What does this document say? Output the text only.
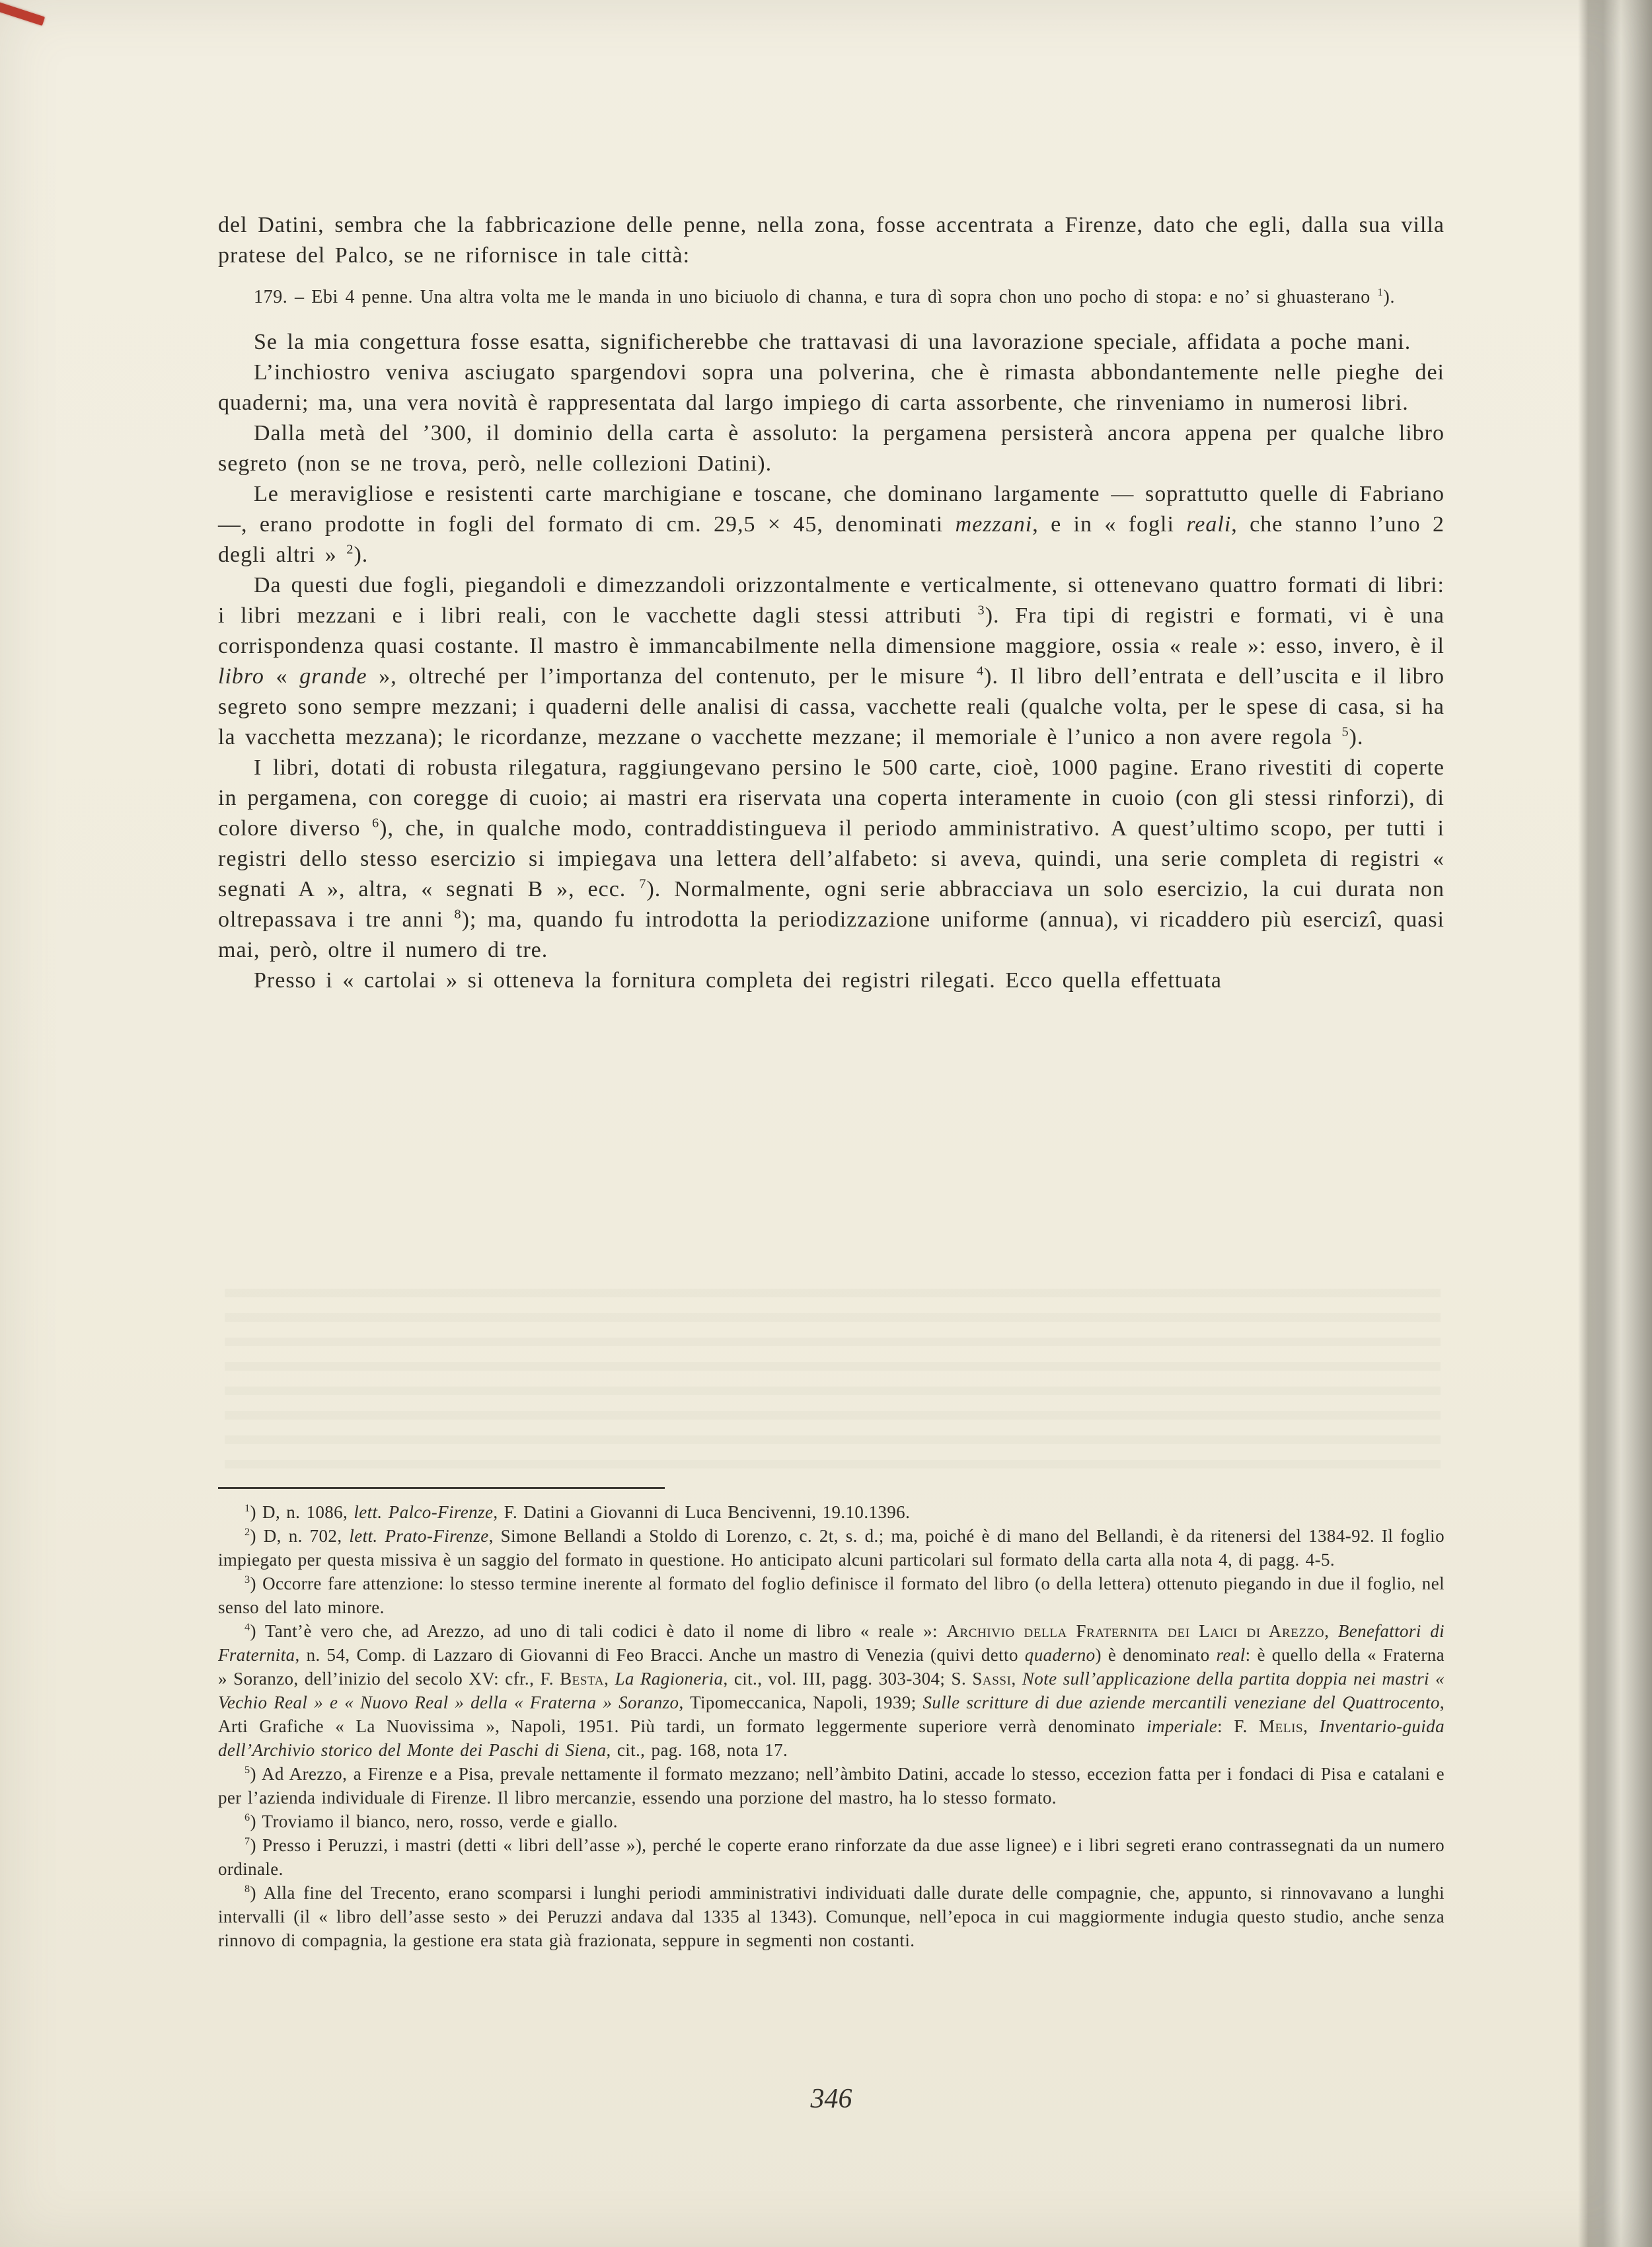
del Datini, sembra che la fabbricazione delle penne, nella zona, fosse accentrata a Firenze, dato che egli, dalla sua villa pratese del Palco, se ne rifornisce in tale città:

179. – Ebi 4 penne. Una altra volta me le manda in uno biciuolo di channa, e tura dì sopra chon uno pocho di stopa: e no’ si ghuasterano $^1$).

Se la mia congettura fosse esatta, significherebbe che trattavasi di una lavorazione speciale, affidata a poche mani.

L’inchiostro veniva asciugato spargendovi sopra una polverina, che è rimasta abbondantemente nelle pieghe dei quaderni; ma, una vera novità è rappresentata dal largo impiego di carta assorbente, che rinveniamo in numerosi libri.

Dalla metà del ’300, il dominio della carta è assoluto: la pergamena persisterà ancora appena per qualche libro segreto (non se ne trova, però, nelle collezioni Datini).

Le meravigliose e resistenti carte marchigiane e toscane, che dominano largamente — soprattutto quelle di Fabriano —, erano prodotte in fogli del formato di cm. 29,5 × 45, denominati mezzani, e in « fogli reali, che stanno l’uno 2 degli altri » $^2$).

Da questi due fogli, piegandoli e dimezzandoli orizzontalmente e verticalmente, si ottenevano quattro formati di libri: i libri mezzani e i libri reali, con le vacchette dagli stessi attributi $^3$). Fra tipi di registri e formati, vi è una corrispondenza quasi costante. Il mastro è immancabilmente nella dimensione maggiore, ossia « reale »: esso, invero, è il libro « grande », oltreché per l’importanza del contenuto, per le misure $^4$). Il libro dell’entrata e dell’uscita e il libro segreto sono sempre mezzani; i quaderni delle analisi di cassa, vacchette reali (qualche volta, per le spese di casa, si ha la vacchetta mezzana); le ricordanze, mezzane o vacchette mezzane; il memoriale è l’unico a non avere regola $^5$).

I libri, dotati di robusta rilegatura, raggiungevano persino le 500 carte, cioè, 1000 pagine. Erano rivestiti di coperte in pergamena, con coregge di cuoio; ai mastri era riservata una coperta interamente in cuoio (con gli stessi rinforzi), di colore diverso $^6$), che, in qualche modo, contraddistingueva il periodo amministrativo. A quest’ultimo scopo, per tutti i registri dello stesso esercizio si impiegava una lettera dell’alfabeto: si aveva, quindi, una serie completa di registri « segnati A », altra, « segnati B », ecc. $^7$). Normalmente, ogni serie abbracciava un solo esercizio, la cui durata non oltrepassava i tre anni $^8$); ma, quando fu introdotta la periodizzazione uniforme (annua), vi ricaddero più esercizî, quasi mai, però, oltre il numero di tre.

Presso i « cartolai » si otteneva la fornitura completa dei registri rilegati. Ecco quella effettuata

$^1$) D, n. 1086, lett. Palco-Firenze, F. Datini a Giovanni di Luca Bencivenni, 19.10.1396.

$^2$) D, n. 702, lett. Prato-Firenze, Simone Bellandi a Stoldo di Lorenzo, c. 2t, s. d.; ma, poiché è di mano del Bellandi, è da ritenersi del 1384-92. Il foglio impiegato per questa missiva è un saggio del formato in questione. Ho anticipato alcuni particolari sul formato della carta alla nota 4, di pagg. 4-5.

$^3$) Occorre fare attenzione: lo stesso termine inerente al formato del foglio definisce il formato del libro (o della lettera) ottenuto piegando in due il foglio, nel senso del lato minore.

$^4$) Tant’è vero che, ad Arezzo, ad uno di tali codici è dato il nome di libro « reale »: Archivio della Fraternita dei Laici di Arezzo, Benefattori di Fraternita, n. 54, Comp. di Lazzaro di Giovanni di Feo Bracci. Anche un mastro di Venezia (quivi detto quaderno) è denominato real: è quello della « Fraterna » Soranzo, dell’inizio del secolo XV: cfr., F. Besta, La Ragioneria, cit., vol. III, pagg. 303-304; S. Sassi, Note sull’applicazione della partita doppia nei mastri « Vechio Real » e « Nuovo Real » della « Fraterna » Soranzo, Tipomeccanica, Napoli, 1939; Sulle scritture di due aziende mercantili veneziane del Quattrocento, Arti Grafiche « La Nuovissima », Napoli, 1951. Più tardi, un formato leggermente superiore verrà denominato imperiale: F. Melis, Inventario-guida dell’Archivio storico del Monte dei Paschi di Siena, cit., pag. 168, nota 17.

$^5$) Ad Arezzo, a Firenze e a Pisa, prevale nettamente il formato mezzano; nell’àmbito Datini, accade lo stesso, eccezion fatta per i fondaci di Pisa e catalani e per l’azienda individuale di Firenze. Il libro mercanzie, essendo una porzione del mastro, ha lo stesso formato.

$^6$) Troviamo il bianco, nero, rosso, verde e giallo.

$^7$) Presso i Peruzzi, i mastri (detti « libri dell’asse »), perché le coperte erano rinforzate da due asse lignee) e i libri segreti erano contrassegnati da un numero ordinale.

$^8$) Alla fine del Trecento, erano scomparsi i lunghi periodi amministrativi individuati dalle durate delle compagnie, che, appunto, si rinnovavano a lunghi intervalli (il « libro dell’asse sesto » dei Peruzzi andava dal 1335 al 1343). Comunque, nell’epoca in cui maggiormente indugia questo studio, anche senza rinnovo di compagnia, la gestione era stata già frazionata, seppure in segmenti non costanti.

346
